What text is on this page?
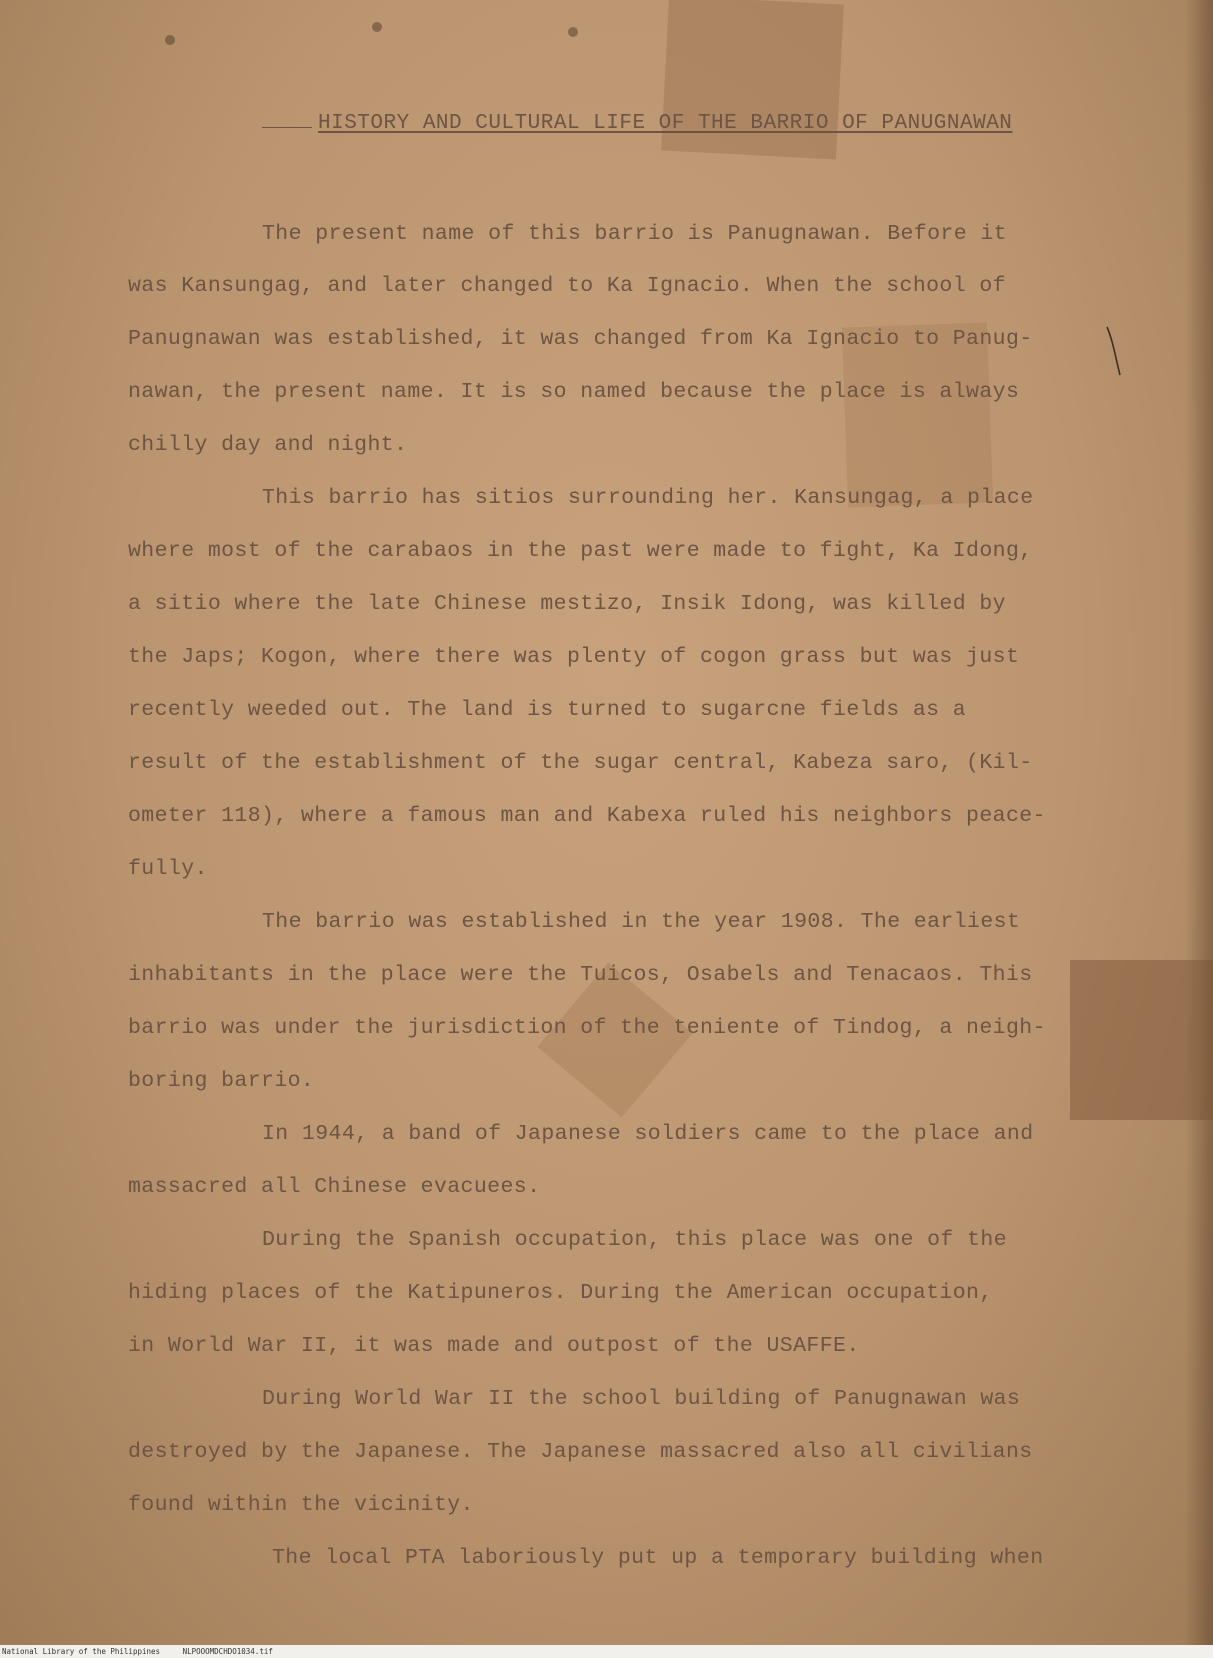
HISTORY AND CULTURAL LIFE OF THE BARRIO OF PANUGNAWAN
The present name of this barrio is Panugnawan. Before it
was Kansungag, and later changed to Ka Ignacio. When the school of
Panugnawan was established, it was changed from Ka Ignacio to Panug-
nawan, the present name. It is so named because the place is always
chilly day and night.
This barrio has sitios surrounding her. Kansungag, a place
where most of the carabaos in the past were made to fight, Ka Idong,
a sitio where the late Chinese mestizo, Insik Idong, was killed by
the Japs; Kogon, where there was plenty of cogon grass but was just
recently weeded out. The land is turned to sugarcne fields as a
result of the establishment of the sugar central, Kabeza saro, (Kil-
ometer 118), where a famous man and Kabexa ruled his neighbors peace-
fully.
The barrio was established in the year 1908. The earliest
inhabitants in the place were the Tuicos, Osabels and Tenacaos. This
barrio was under the jurisdiction of the teniente of Tindog, a neigh-
boring barrio.
In 1944, a band of Japanese soldiers came to the place and
massacred all Chinese evacuees.
During the Spanish occupation, this place was one of the
hiding places of the Katipuneros. During the American occupation,
in World War II, it was made and outpost of the USAFFE.
During World War II the school building of Panugnawan was
destroyed by the Japanese. The Japanese massacred also all civilians
found within the vicinity.
The local PTA laboriously put up a temporary building when
National Library of the Philippines	NLPOOOMDCHDO1034.tif
